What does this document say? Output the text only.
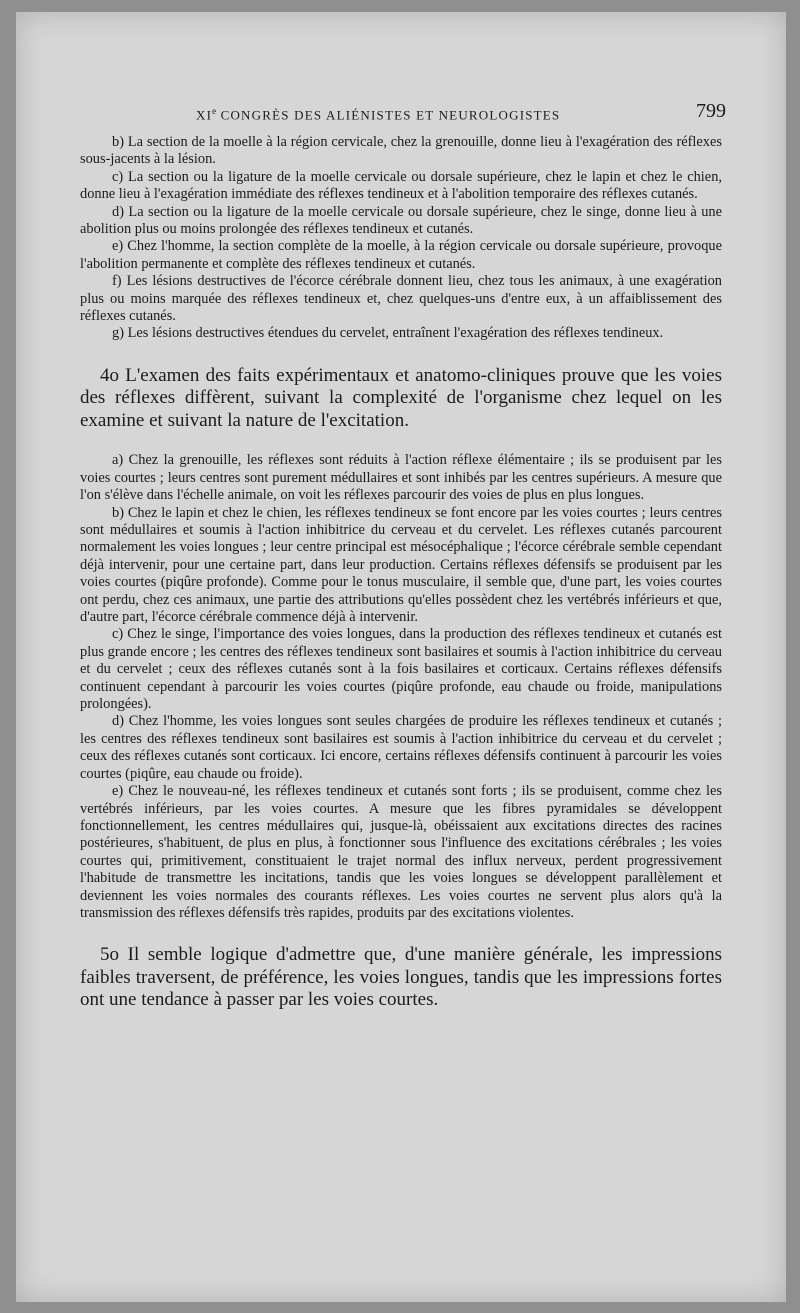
XIe CONGRÈS DES ALIÉNISTES ET NEUROLOGISTES	799

b) La section de la moelle à la région cervicale, chez la grenouille, donne lieu à l'exagération des réflexes sous-jacents à la lésion.

c) La section ou la ligature de la moelle cervicale ou dorsale supérieure, chez le lapin et chez le chien, donne lieu à l'exagération immédiate des réflexes tendineux et à l'abolition temporaire des réflexes cutanés.

d) La section ou la ligature de la moelle cervicale ou dorsale supérieure, chez le singe, donne lieu à une abolition plus ou moins prolongée des réflexes tendineux et cutanés.

e) Chez l'homme, la section complète de la moelle, à la région cervicale ou dorsale supérieure, provoque l'abolition permanente et complète des réflexes tendineux et cutanés.

f) Les lésions destructives de l'écorce cérébrale donnent lieu, chez tous les animaux, à une exagération plus ou moins marquée des réflexes tendineux et, chez quelques-uns d'entre eux, à un affaiblissement des réflexes cutanés.

g) Les lésions destructives étendues du cervelet, entraînent l'exagération des réflexes tendineux.

4o L'examen des faits expérimentaux et anatomo-cliniques prouve que les voies des réflexes diffèrent, suivant la complexité de l'organisme chez lequel on les examine et suivant la nature de l'excitation.

a) Chez la grenouille, les réflexes sont réduits à l'action réflexe élémentaire ; ils se produisent par les voies courtes ; leurs centres sont purement médullaires et sont inhibés par les centres supérieurs. A mesure que l'on s'élève dans l'échelle animale, on voit les réflexes parcourir des voies de plus en plus longues.

b) Chez le lapin et chez le chien, les réflexes tendineux se font encore par les voies courtes ; leurs centres sont médullaires et soumis à l'action inhibitrice du cerveau et du cervelet. Les réflexes cutanés parcourent normalement les voies longues ; leur centre principal est mésocéphalique ; l'écorce cérébrale semble cependant déjà intervenir, pour une certaine part, dans leur production. Certains réflexes défensifs se produisent par les voies courtes (piqûre profonde). Comme pour le tonus musculaire, il semble que, d'une part, les voies courtes ont perdu, chez ces animaux, une partie des attributions qu'elles possèdent chez les vertébrés inférieurs et que, d'autre part, l'écorce cérébrale commence déjà à intervenir.

c) Chez le singe, l'importance des voies longues, dans la production des réflexes tendineux et cutanés est plus grande encore ; les centres des réflexes tendineux sont basilaires et soumis à l'action inhibitrice du cerveau et du cervelet ; ceux des réflexes cutanés sont à la fois basilaires et corticaux. Certains réflexes défensifs continuent cependant à parcourir les voies courtes (piqûre profonde, eau chaude ou froide, manipulations prolongées).

d) Chez l'homme, les voies longues sont seules chargées de produire les réflexes tendineux et cutanés ; les centres des réflexes tendineux sont basilaires est soumis à l'action inhibitrice du cerveau et du cervelet ; ceux des réflexes cutanés sont corticaux. Ici encore, certains réflexes défensifs continuent à parcourir les voies courtes (piqûre, eau chaude ou froide).

e) Chez le nouveau-né, les réflexes tendineux et cutanés sont forts ; ils se produisent, comme chez les vertébrés inférieurs, par les voies courtes. A mesure que les fibres pyramidales se développent fonctionnellement, les centres médullaires qui, jusque-là, obéissaient aux excitations directes des racines postérieures, s'habituent, de plus en plus, à fonctionner sous l'influence des excitations cérébrales ; les voies courtes qui, primitivement, constituaient le trajet normal des influx nerveux, perdent progressivement l'habitude de transmettre les incitations, tandis que les voies longues se développent parallèlement et deviennent les voies normales des courants réflexes. Les voies courtes ne servent plus alors qu'à la transmission des réflexes défensifs très rapides, produits par des excitations violentes.

5o Il semble logique d'admettre que, d'une manière générale, les impressions faibles traversent, de préférence, les voies longues, tandis que les impressions fortes ont une tendance à passer par les voies courtes.
